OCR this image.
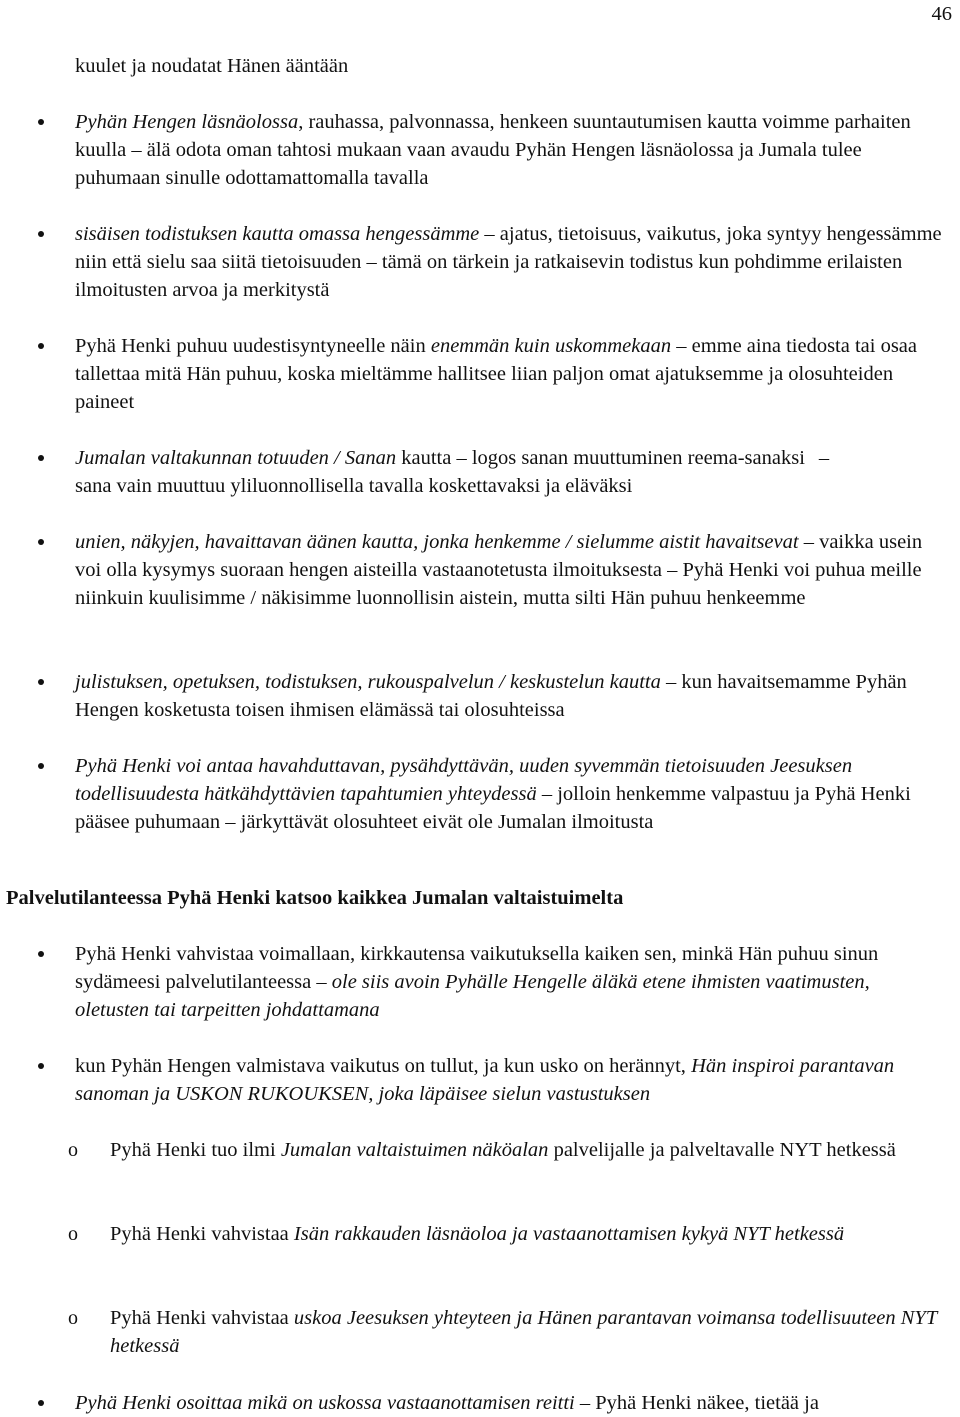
46
kuulet ja noudatat Hänen ääntään
Pyhän Hengen läsnäolossa, rauhassa, palvonnassa, henkeen suuntautumisen kautta voimme parhaiten kuulla – älä odota oman tahtosi mukaan vaan avaudu Pyhän Hengen läsnäolossa ja Jumala tulee puhumaan sinulle odottamattomalla tavalla
sisäisen todistuksen kautta omassa hengessämme – ajatus, tietoisuus, vaikutus, joka syntyy hengessämme niin että sielu saa siitä tietoisuuden – tämä on tärkein ja ratkaisevin todistus kun pohdimme erilaisten ilmoitusten arvoa ja merkitystä
Pyhä Henki puhuu uudestisyntyneelle näin enemmän kuin uskommekaan – emme aina tiedosta tai osaa tallettaa mitä Hän puhuu, koska mieltämme hallitsee liian paljon omat ajatuksemme ja olosuhteiden paineet
Jumalan valtakunnan totuuden / Sanan kautta – logos sanan muuttuminen reema-sanaksi –
sana vain muuttuu yliluonnollisella tavalla koskettavaksi ja eläväksi
unien, näkyjen, havaittavan äänen kautta, jonka henkemme / sielumme aistit havaitsevat – vaikka usein voi olla kysymys suoraan hengen aisteilla vastaanotetusta ilmoituksesta – Pyhä Henki voi puhua meille niinkuin kuulisimme / näkisimme luonnollisin aistein, mutta silti Hän puhuu henkeemme
julistuksen, opetuksen, todistuksen, rukouspalvelun / keskustelun kautta – kun havaitsemamme Pyhän Hengen kosketusta toisen ihmisen elämässä tai olosuhteissa
Pyhä Henki voi antaa havahduttavan, pysähdyttävän, uuden syvemmän tietoisuuden Jeesuksen todellisuudesta hätkähdyttävien tapahtumien yhteydessä – jolloin henkemme valpastuu ja Pyhä Henki pääsee puhumaan – järkyttävät olosuhteet eivät ole Jumalan ilmoitusta
Palvelutilanteessa Pyhä Henki katsoo kaikkea Jumalan valtaistuimelta
Pyhä Henki vahvistaa voimallaan, kirkkautensa vaikutuksella kaiken sen, minkä Hän puhuu sinun sydämeesi palvelutilanteessa – ole siis avoin Pyhälle Hengelle äläkä etene ihmisten vaatimusten, oletusten tai tarpeitten johdattamana
kun Pyhän Hengen valmistava vaikutus on tullut, ja kun usko on herännyt, Hän inspiroi parantavan sanoman ja USKON RUKOUKSEN, joka läpäisee sielun vastustuksen
o Pyhä Henki tuo ilmi Jumalan valtaistuimen näköalan palvelijalle ja palveltavalle NYT hetkessä
o Pyhä Henki vahvistaa Isän rakkauden läsnäoloa ja vastaanottamisen kykyä NYT hetkessä
o Pyhä Henki vahvistaa uskoa Jeesuksen yhteyteen ja Hänen parantavan voimansa todellisuuteen NYT hetkessä
Pyhä Henki osoittaa mikä on uskossa vastaanottamisen reitti – Pyhä Henki näkee, tietää ja
